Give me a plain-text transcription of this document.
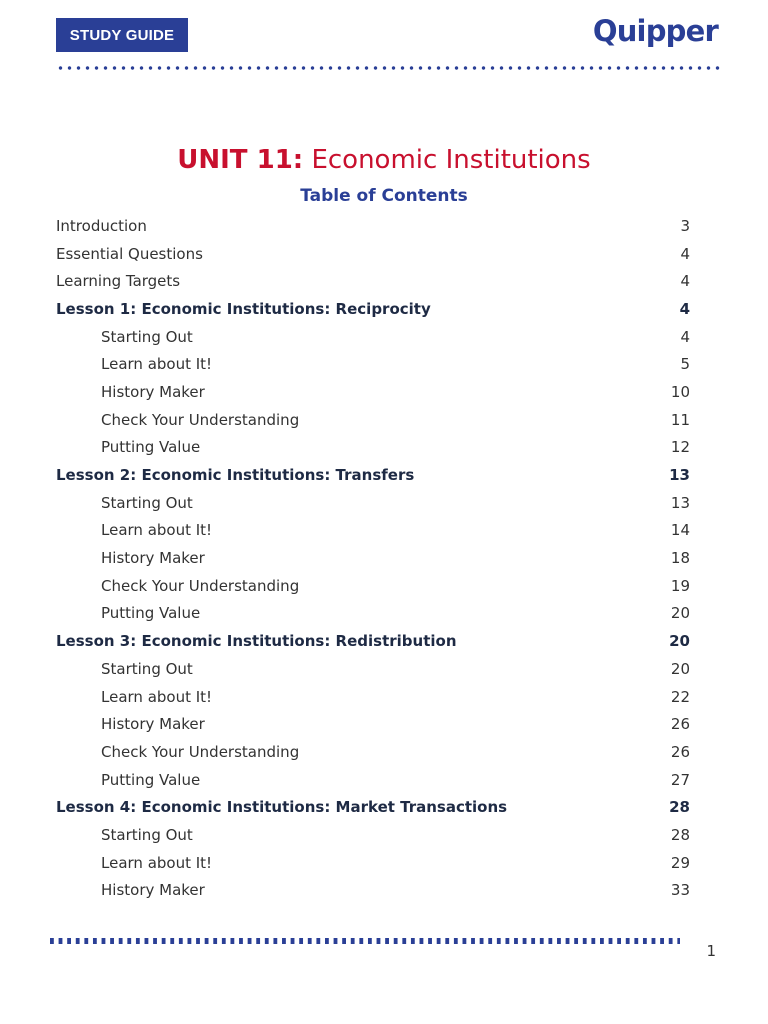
STUDY GUIDE	Quipper
UNIT 11: Economic Institutions
Table of Contents
Introduction	3
Essential Questions	4
Learning Targets	4
Lesson 1: Economic Institutions: Reciprocity	4
Starting Out	4
Learn about It!	5
History Maker	10
Check Your Understanding	11
Putting Value	12
Lesson 2: Economic Institutions: Transfers	13
Starting Out	13
Learn about It!	14
History Maker	18
Check Your Understanding	19
Putting Value	20
Lesson 3: Economic Institutions: Redistribution	20
Starting Out	20
Learn about It!	22
History Maker	26
Check Your Understanding	26
Putting Value	27
Lesson 4: Economic Institutions: Market Transactions	28
Starting Out	28
Learn about It!	29
History Maker	33
1
